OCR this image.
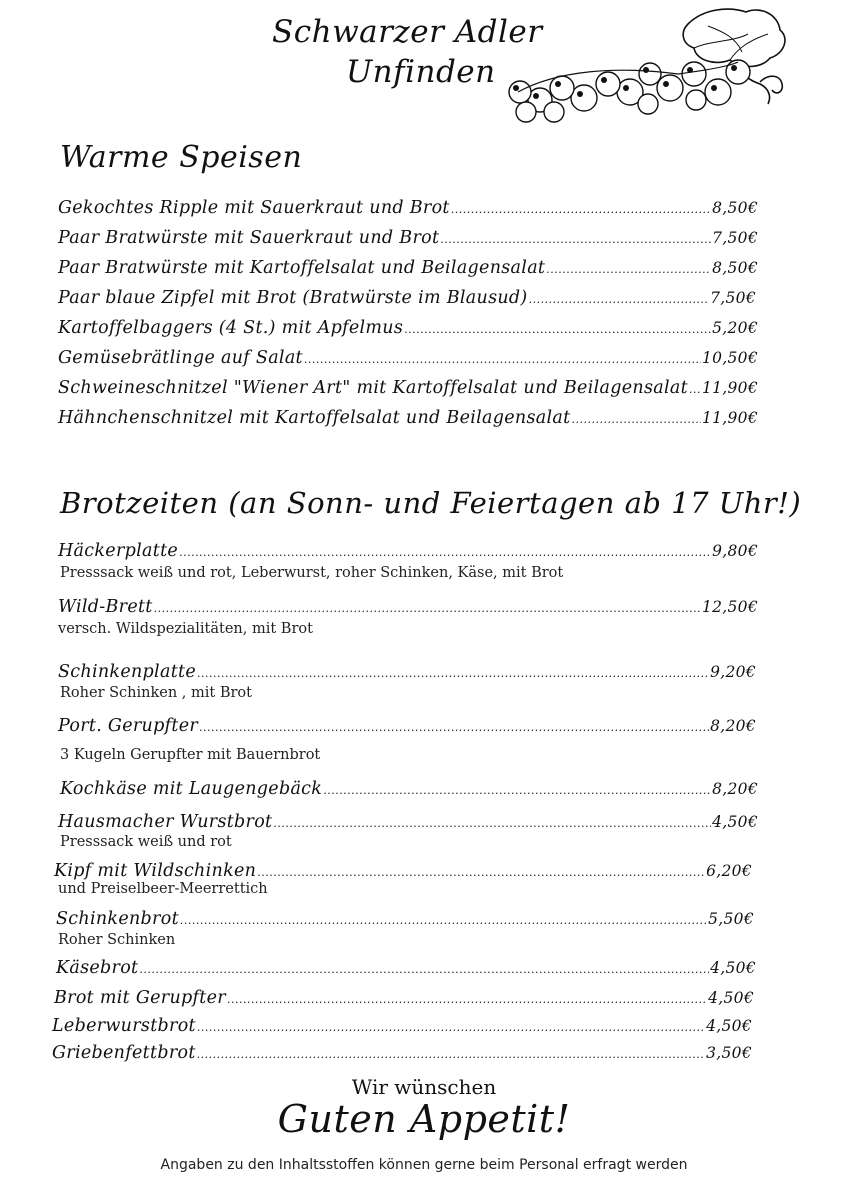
Schwarzer Adler
Unfinden
Warme Speisen
Gekochtes Ripple mit Sauerkraut und Brot .....	8,50€
Paar Bratwürste mit Sauerkraut und Brot .....	7,50€
Paar Bratwürste mit Kartoffelsalat und Beilagensalat .....	8,50€
Paar blaue Zipfel mit Brot (Bratwürste im Blausud) .....	7,50€
Kartoffelbaggers (4 St.) mit Apfelmus .....	5,20€
Gemüsebrätlinge auf Salat .....	10,50€
Schweineschnitzel "Wiener Art" mit Kartoffelsalat und Beilagensalat ..... 11,90€
Hähnchenschnitzel mit Kartoffelsalat und Beilagensalat .....	11,90€
Brotzeiten (an Sonn- und Feiertagen ab 17 Uhr!)
Häckerplatte .....	9,80€
Presssack weiß und rot, Leberwurst, roher Schinken, Käse, mit Brot
Wild-Brett .....	12,50€
versch. Wildspezialitäten, mit Brot
Schinkenplatte .....	9,20€
Roher Schinken , mit Brot
Port. Gerupfter .....	8,20€
3 Kugeln Gerupfter mit Bauernbrot
Kochkäse mit Laugengebäck .....	8,20€
Hausmacher Wurstbrot .....	4,50€
Presssack weiß und rot
Kipf mit Wildschinken .....	6,20€
und Preiselbeer-Meerrettich
Schinkenbrot .....	5,50€
Roher Schinken
Käsebrot .....	4,50€
Brot mit Gerupfter .....	4,50€
Leberwurstbrot .....	4,50€
Griebenfettbrot .....	3,50€
Wir wünschen
Guten Appetit!
Angaben zu den Inhaltsstoffen können gerne beim Personal erfragt werden
